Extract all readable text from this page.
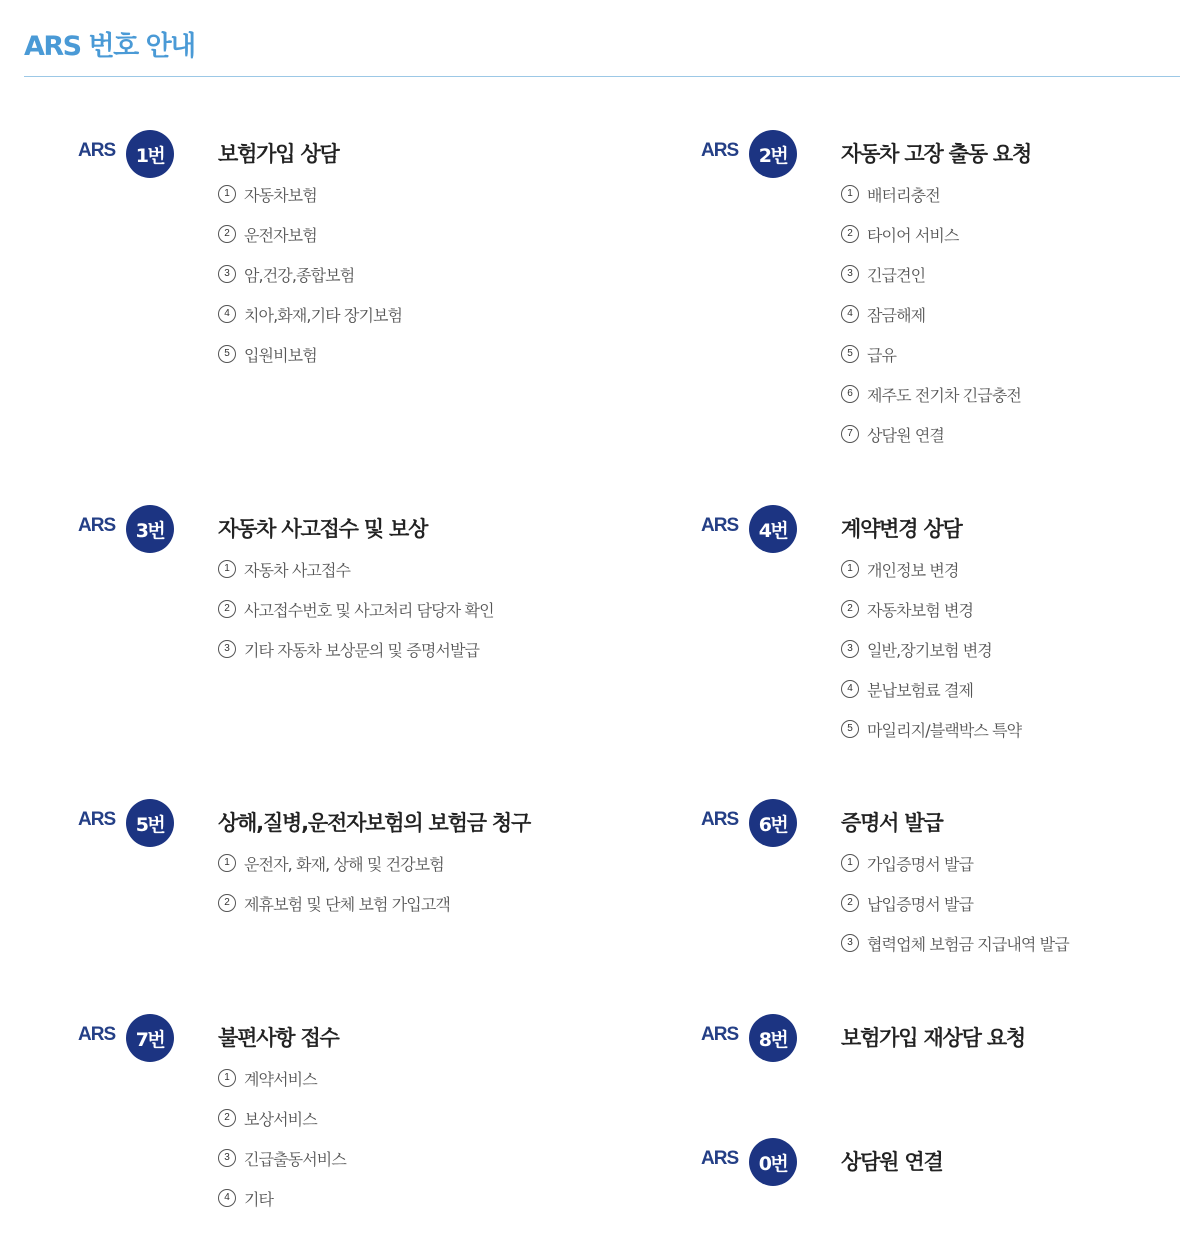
ARS 번호 안내
ARS	1번	보험가입 상담
1 자동차보험
2 운전자보험
3 암,건강,종합보험
4 치아,화재,기타 장기보험
5 입원비보험
ARS	2번	자동차 고장 출동 요청
1 배터리충전
2 타이어 서비스
3 긴급견인
4 잠금해제
5 급유
6 제주도 전기차 긴급충전
7 상담원 연결
ARS	3번	자동차 사고접수 및 보상
1 자동차 사고접수
2 사고접수번호 및 사고처리 담당자 확인
3 기타 자동차 보상문의 및 증명서발급
ARS	4번	계약변경 상담
1 개인정보 변경
2 자동차보험 변경
3 일반,장기보험 변경
4 분납보험료 결제
5 마일리지/블랙박스 특약
ARS	5번	상해,질병,운전자보험의 보험금 청구
1 운전자, 화재, 상해 및 건강보험
2 제휴보험 및 단체 보험 가입고객
ARS	6번	증명서 발급
1 가입증명서 발급
2 납입증명서 발급
3 협력업체 보험금 지급내역 발급
ARS	7번	불편사항 접수
1 계약서비스
2 보상서비스
3 긴급출동서비스
4 기타
ARS	8번	보험가입 재상담 요청
ARS	0번	상담원 연결
